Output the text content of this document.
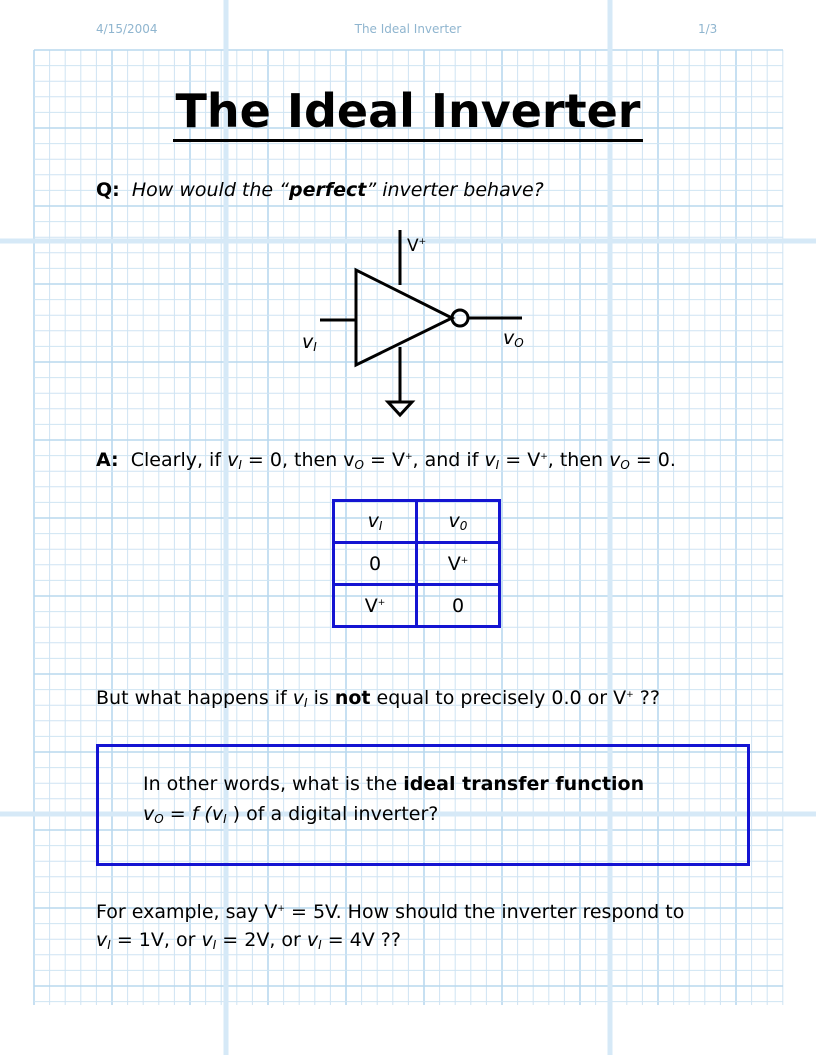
4/15/2004	The Ideal Inverter	1/3
The Ideal Inverter
Q: How would the “perfect” inverter behave?
V+
$v_I$	$v_O$
A: Clearly, if $v_I = 0$, then $v_O = V^+$, and if $v_I = V^+$, then $v_O = 0$.
$v_I$	$v_0$
0	V+
V+	0
But what happens if $v_I$ is not equal to precisely 0.0 or V+ ??
In other words, what is the ideal transfer function
$v_O = f$ ($v_I$ ) of a digital inverter?
For example, say V+ = 5V. How should the inverter respond to
$v_I = 1V$, or $v_I = 2V$, or $v_I = 4V$ ??
